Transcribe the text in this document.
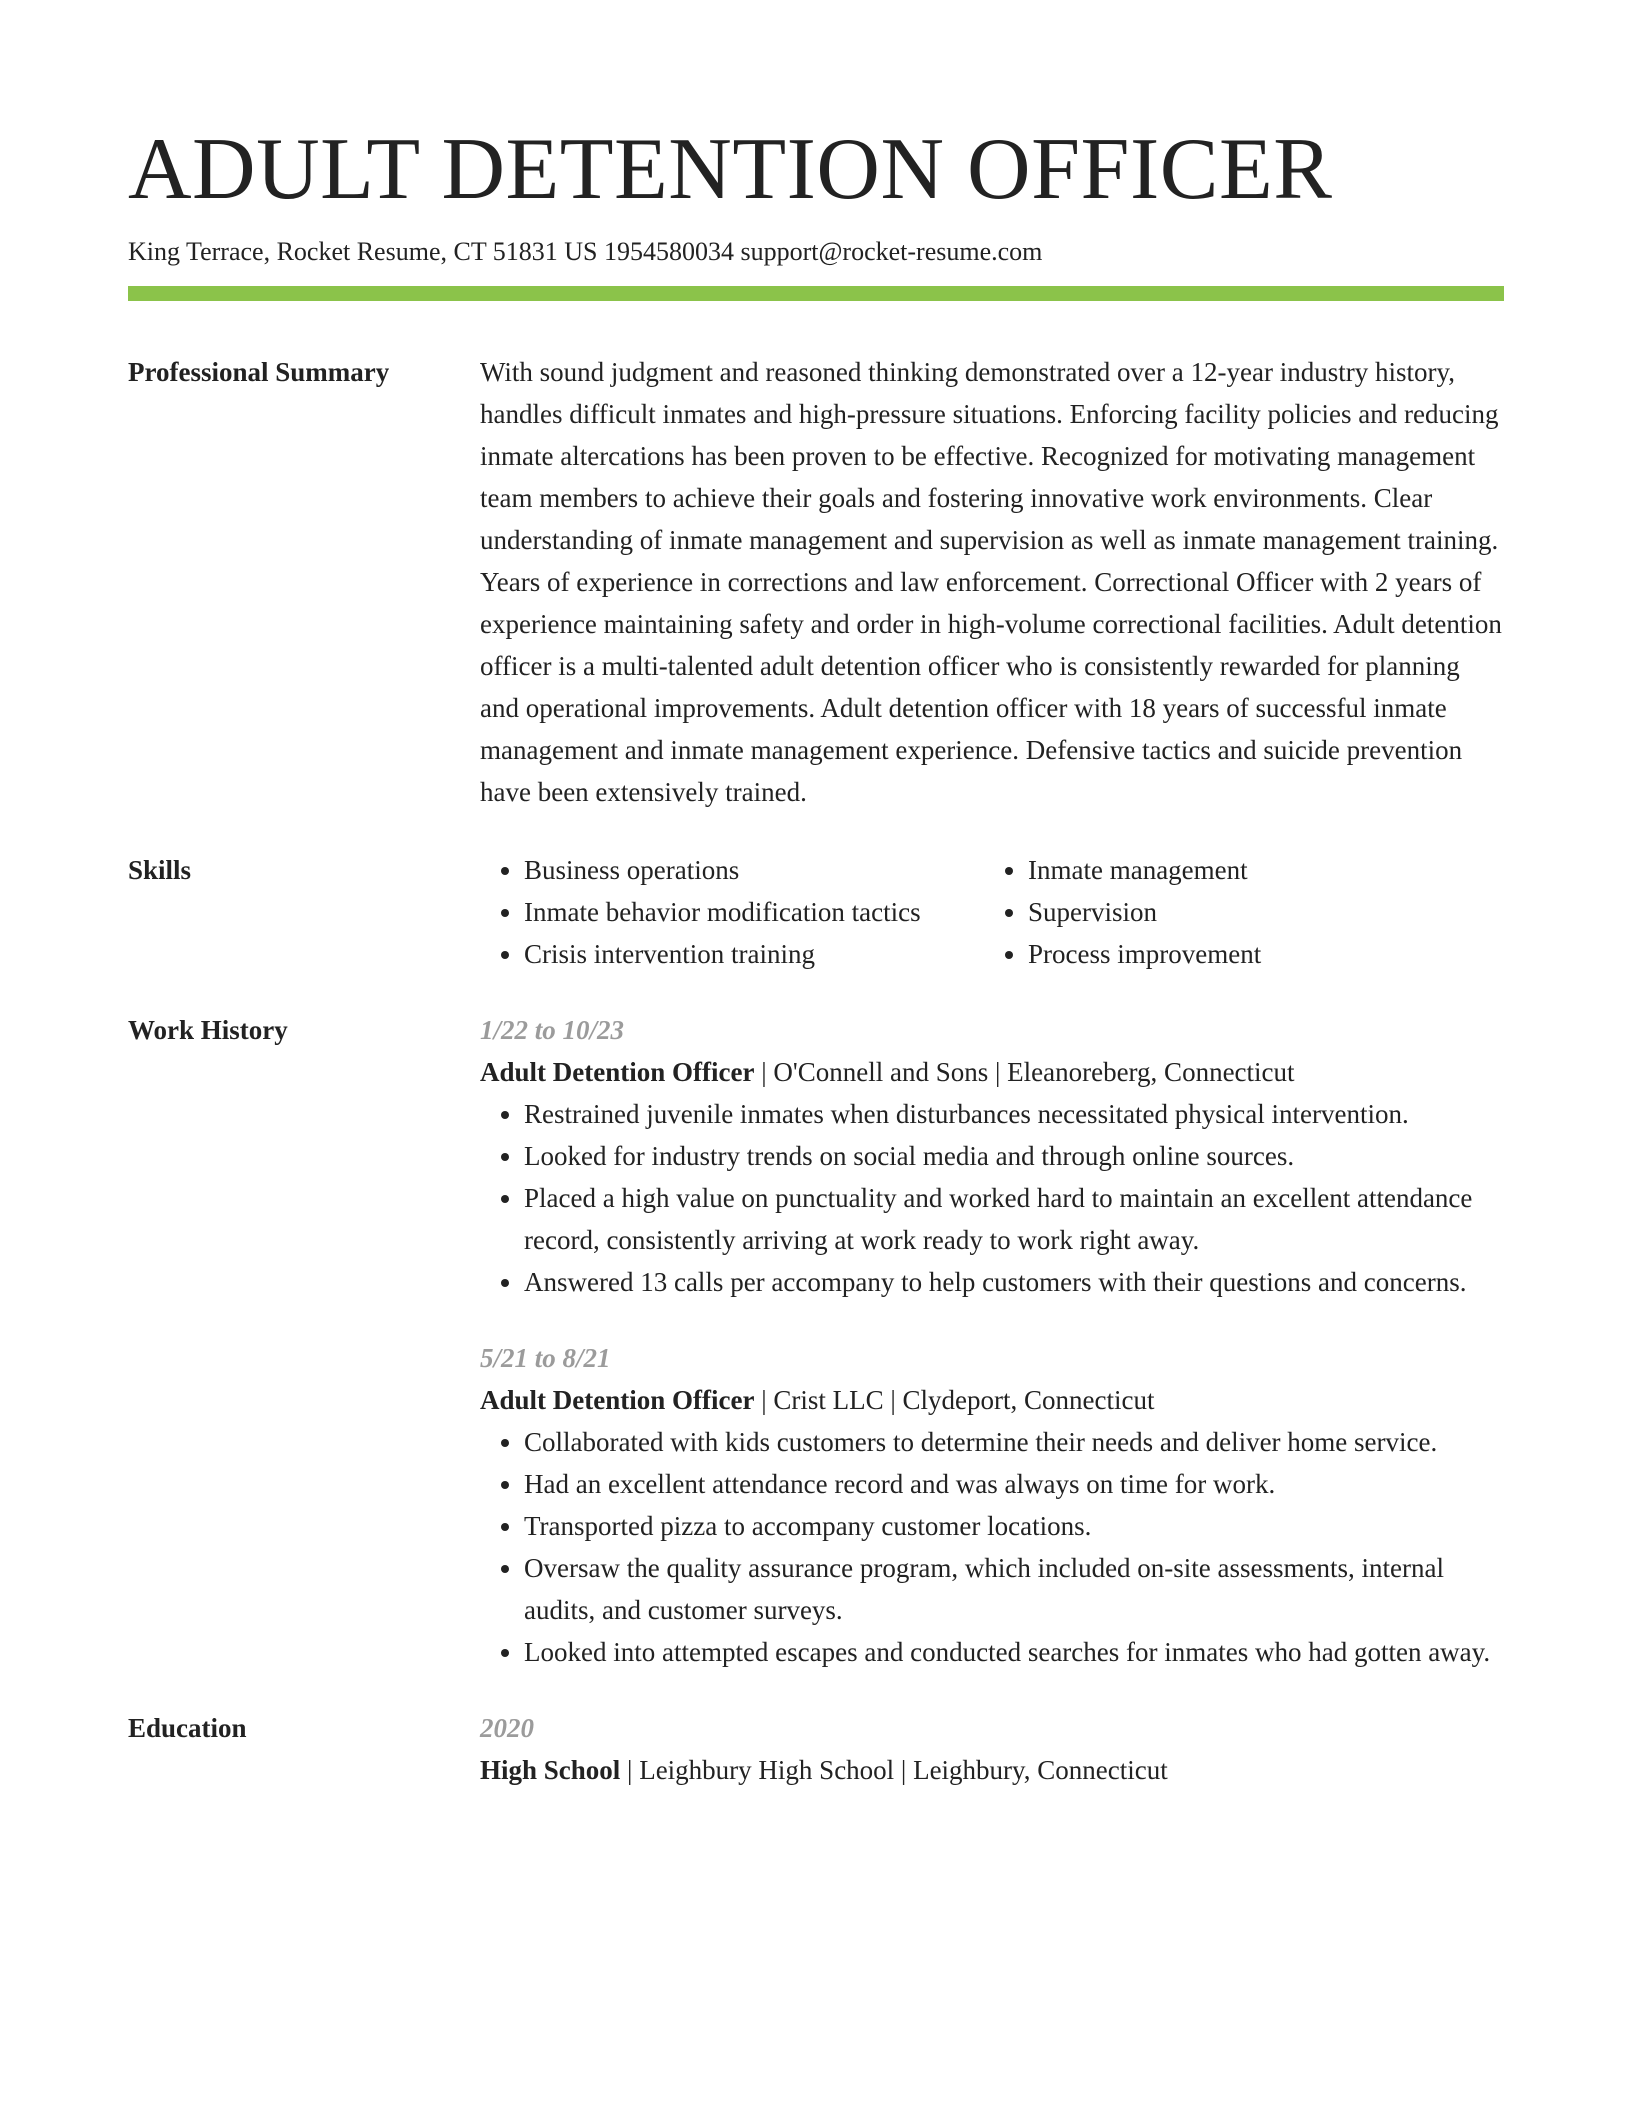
ADULT DETENTION OFFICER
King Terrace, Rocket Resume, CT 51831 US 1954580034 support@rocket-resume.com
Professional Summary	With sound judgment and reasoned thinking demonstrated over a 12-year industry history, handles difficult inmates and high-pressure situations. Enforcing facility policies and reducing inmate altercations has been proven to be effective. Recognized for motivating management team members to achieve their goals and fostering innovative work environments. Clear understanding of inmate management and supervision as well as inmate management training. Years of experience in corrections and law enforcement. Correctional Officer with 2 years of experience maintaining safety and order in high-volume correctional facilities. Adult detention officer is a multi-talented adult detention officer who is consistently rewarded for planning and operational improvements. Adult detention officer with 18 years of successful inmate management and inmate management experience. Defensive tactics and suicide prevention have been extensively trained.
Skills
•	Business operations
• Inmate behavior modification tactics
• Crisis intervention training
• Inmate management
• Supervision
• Process improvement
Work History	1/22 to 10/23
Adult Detention Officer | O'Connell and Sons | Eleanoreberg, Connecticut
• Restrained juvenile inmates when disturbances necessitated physical intervention.
• Looked for industry trends on social media and through online sources.
• Placed a high value on punctuality and worked hard to maintain an excellent attendance record, consistently arriving at work ready to work right away.
• Answered 13 calls per accompany to help customers with their questions and concerns.
5/21 to 8/21
Adult Detention Officer | Crist LLC | Clydeport, Connecticut
• Collaborated with kids customers to determine their needs and deliver home service.
• Had an excellent attendance record and was always on time for work.
• Transported pizza to accompany customer locations.
• Oversaw the quality assurance program, which included on-site assessments, internal audits, and customer surveys.
• Looked into attempted escapes and conducted searches for inmates who had gotten away.
Education	2020
High School | Leighbury High School | Leighbury, Connecticut
